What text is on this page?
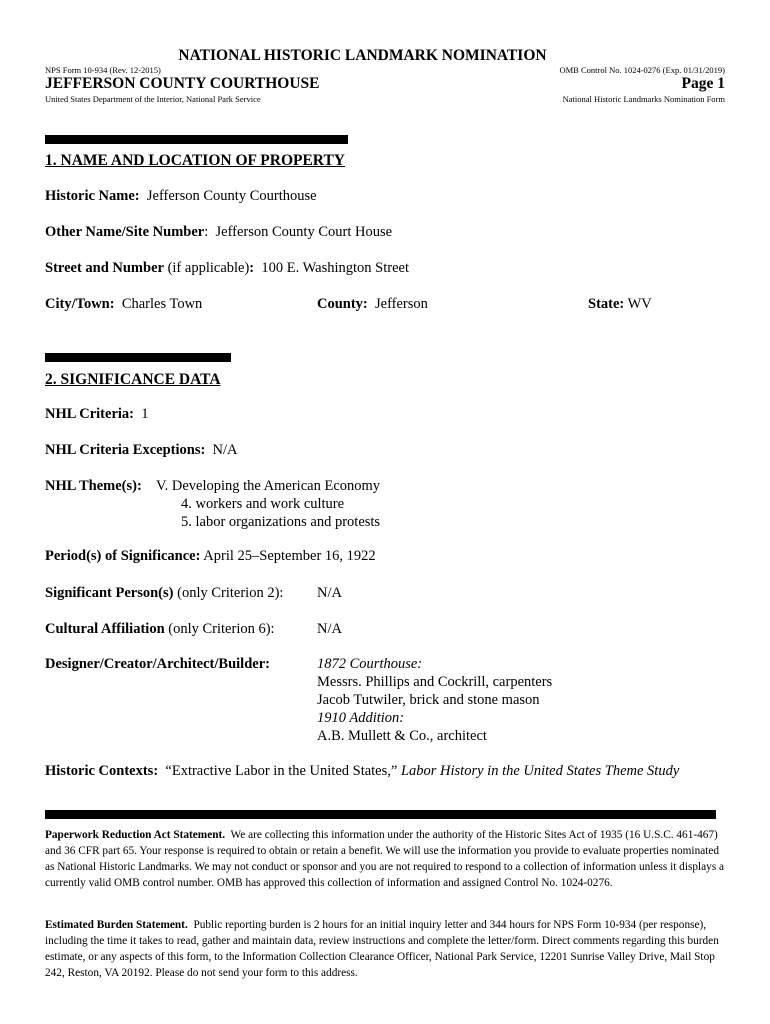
NATIONAL HISTORIC LANDMARK NOMINATION
NPS Form 10-934 (Rev. 12-2015)	OMB Control No. 1024-0276 (Exp. 01/31/2019)
JEFFERSON COUNTY COURTHOUSE	Page 1
United States Department of the Interior, National Park Service	National Historic Landmarks Nomination Form
1. NAME AND LOCATION OF PROPERTY
Historic Name: Jefferson County Courthouse
Other Name/Site Number:  Jefferson County Court House
Street and Number (if applicable): 100 E. Washington Street
City/Town: Charles Town	County: Jefferson	State: WV
2. SIGNIFICANCE DATA
NHL Criteria: 1
NHL Criteria Exceptions: N/A
NHL Theme(s): V. Developing the American Economy
4. workers and work culture
5. labor organizations and protests
Period(s) of Significance: April 25–September 16, 1922
Significant Person(s) (only Criterion 2): N/A
Cultural Affiliation (only Criterion 6):	N/A
Designer/Creator/Architect/Builder:	1872 Courthouse:
Messrs. Phillips and Cockrill, carpenters
Jacob Tutwiler, brick and stone mason
1910 Addition:
A.B. Mullett & Co., architect
Historic Contexts: “Extractive Labor in the United States,” Labor History in the United States Theme Study
Paperwork Reduction Act Statement. We are collecting this information under the authority of the Historic Sites Act of 1935 (16 U.S.C. 461-467) and 36 CFR part 65. Your response is required to obtain or retain a benefit. We will use the information you provide to evaluate properties nominated as National Historic Landmarks. We may not conduct or sponsor and you are not required to respond to a collection of information unless it displays a currently valid OMB control number. OMB has approved this collection of information and assigned Control No. 1024-0276.
Estimated Burden Statement. Public reporting burden is 2 hours for an initial inquiry letter and 344 hours for NPS Form 10-934 (per response), including the time it takes to read, gather and maintain data, review instructions and complete the letter/form. Direct comments regarding this burden estimate, or any aspects of this form, to the Information Collection Clearance Officer, National Park Service, 12201 Sunrise Valley Drive, Mail Stop 242, Reston, VA 20192. Please do not send your form to this address.
